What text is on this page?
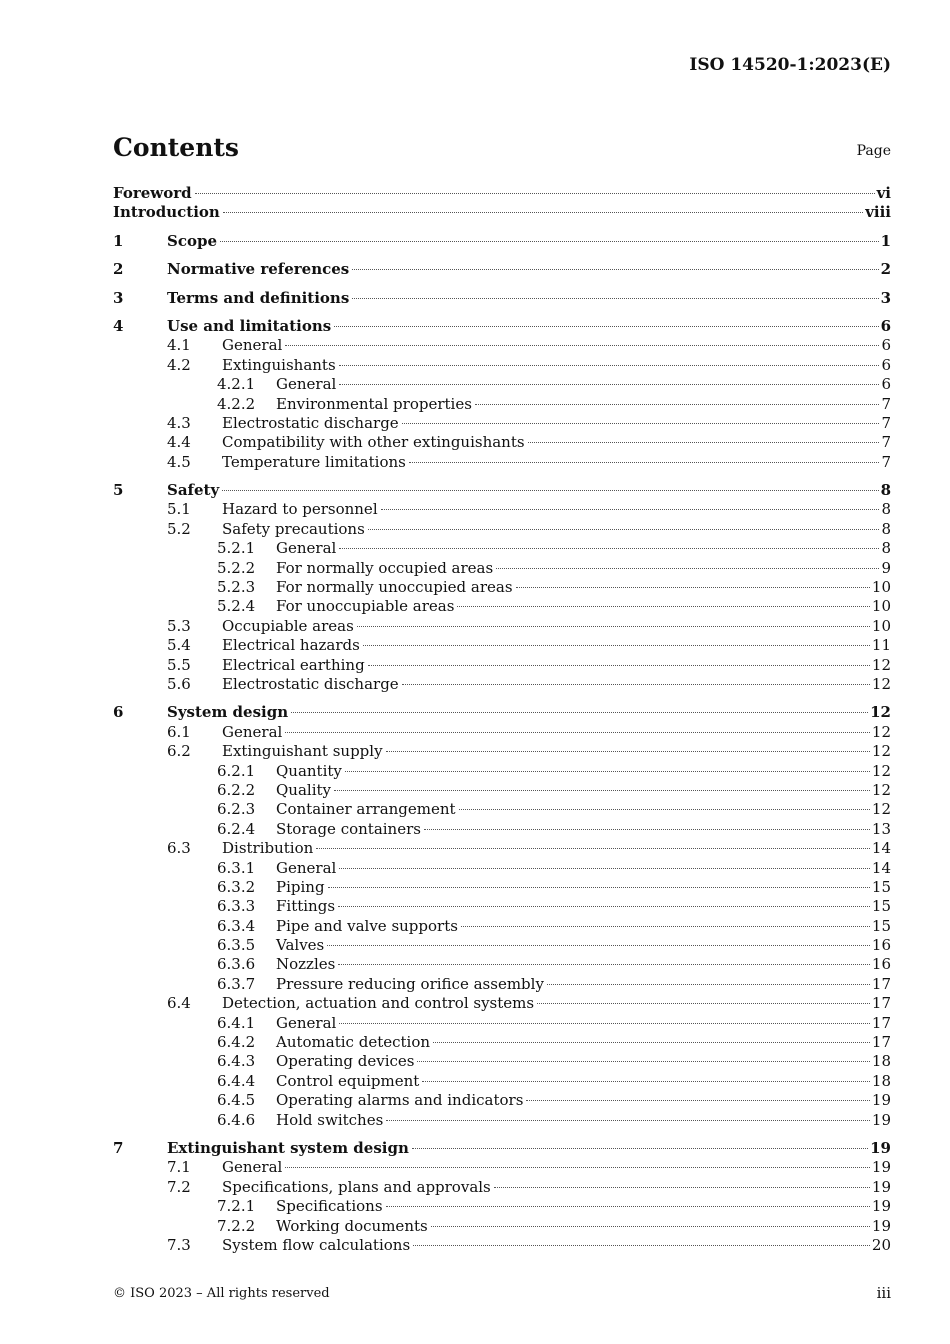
ISO 14520-1:2023(E)
Contents	Page
Foreword	vi
Introduction	viii
1	Scope	1
2	Normative references	2
3	Terms and definitions	3
4	Use and limitations	6
4.1 General	6
4.2 Extinguishants	6
4.2.1 General	6
4.2.2 Environmental properties	7
4.3 Electrostatic discharge	7
4.4 Compatibility with other extinguishants	7
4.5 Temperature limitations	7
5	Safety	8
5.1 Hazard to personnel	8
5.2 Safety precautions	8
5.2.1 General	8
5.2.2 For normally occupied areas	9
5.2.3 For normally unoccupied areas	10
5.2.4 For unoccupiable areas	10
5.3 Occupiable areas	10
5.4 Electrical hazards	11
5.5 Electrical earthing	12
5.6 Electrostatic discharge	12
6	System design	12
6.1 General	12
6.2 Extinguishant supply	12
6.2.1 Quantity	12
6.2.2 Quality	12
6.2.3 Container arrangement	12
6.2.4 Storage containers	13
6.3 Distribution	14
6.3.1 General	14
6.3.2 Piping	15
6.3.3 Fittings	15
6.3.4 Pipe and valve supports	15
6.3.5 Valves	16
6.3.6 Nozzles	16
6.3.7 Pressure reducing orifice assembly	17
6.4 Detection, actuation and control systems	17
6.4.1 General	17
6.4.2 Automatic detection	17
6.4.3 Operating devices	18
6.4.4 Control equipment	18
6.4.5 Operating alarms and indicators	19
6.4.6 Hold switches	19
7	Extinguishant system design	19
7.1 General	19
7.2 Specifications, plans and approvals	19
7.2.1 Specifications	19
7.2.2 Working documents	19
7.3 System flow calculations	20
© ISO 2023 – All rights reserved	iii
